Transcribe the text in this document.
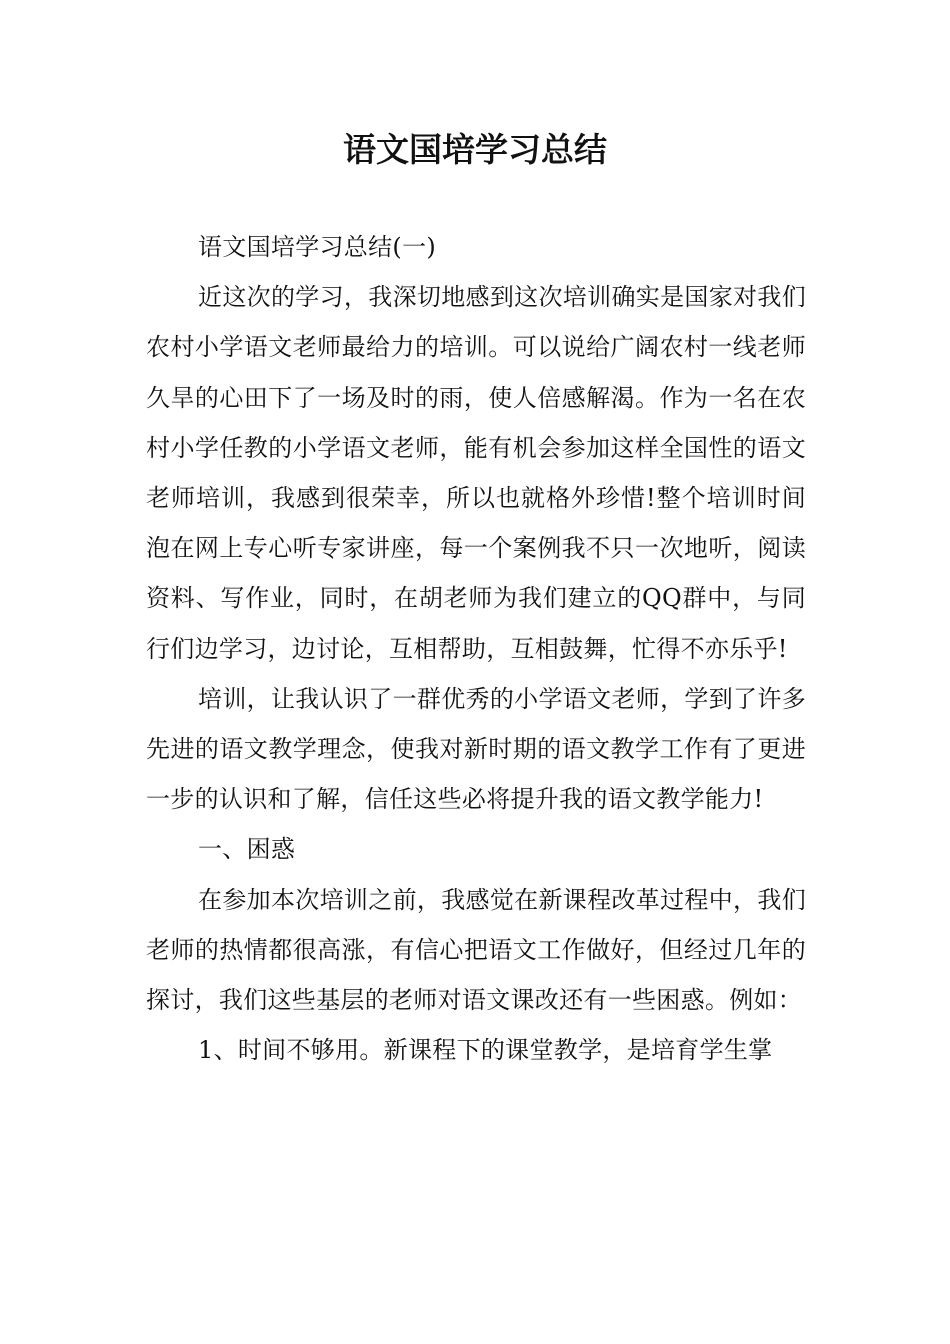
语文国培学习总结

语文国培学习总结(一)

近这次的学习，我深切地感到这次培训确实是国家对我们农村小学语文老师最给力的培训。可以说给广阔农村一线老师久旱的心田下了一场及时的雨，使人倍感解渴。作为一名在农村小学任教的小学语文老师，能有机会参加这样全国性的语文老师培训，我感到很荣幸，所以也就格外珍惜!整个培训时间泡在网上专心听专家讲座，每一个案例我不只一次地听，阅读资料、写作业，同时，在胡老师为我们建立的QQ群中，与同行们边学习，边讨论，互相帮助，互相鼓舞，忙得不亦乐乎!

培训，让我认识了一群优秀的小学语文老师，学到了许多先进的语文教学理念，使我对新时期的语文教学工作有了更进一步的认识和了解，信任这些必将提升我的语文教学能力!

一、困惑

在参加本次培训之前，我感觉在新课程改革过程中，我们老师的热情都很高涨，有信心把语文工作做好，但经过几年的探讨，我们这些基层的老师对语文课改还有一些困惑。例如：

1、时间不够用。新课程下的课堂教学，是培育学生掌
